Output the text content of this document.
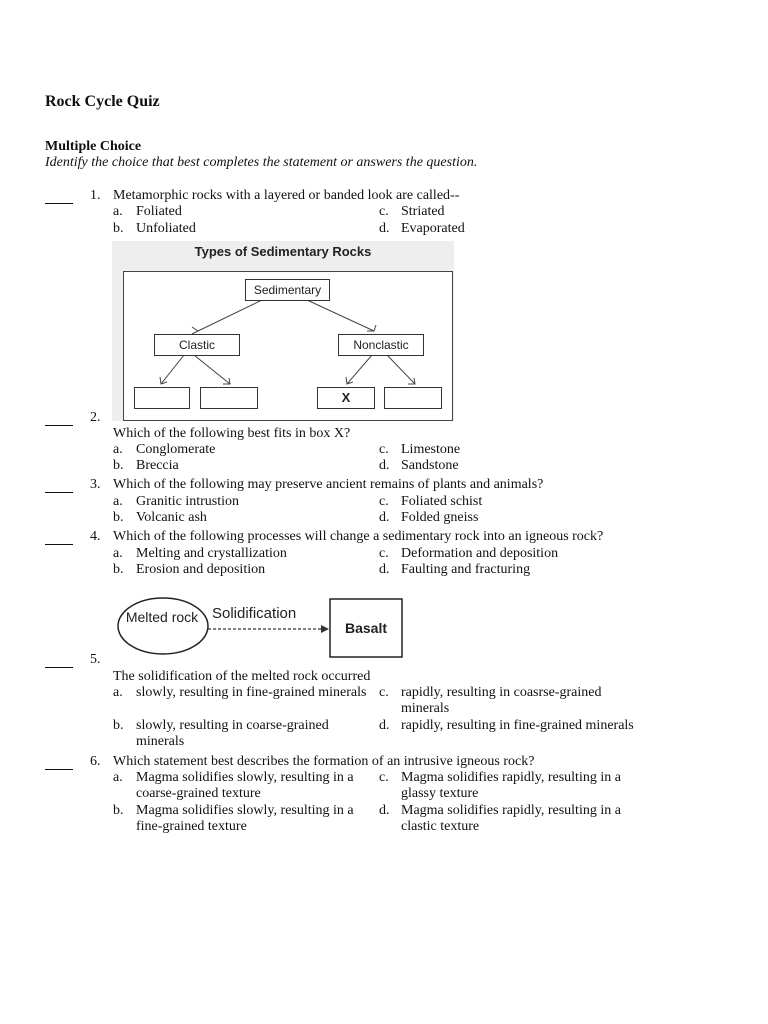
Rock Cycle Quiz
Multiple Choice
Identify the choice that best completes the statement or answers the question.
1. Metamorphic rocks with a layered or banded look are called--
a. Foliated
b. Unfoliated
c. Striated
d. Evaporated
Types of Sedimentary Rocks
Sedimentary
Clastic	Nonclastic
X
2.
Which of the following best fits in box X?
a. Conglomerate
b. Breccia
c. Limestone
d. Sandstone
3. Which of the following may preserve ancient remains of plants and animals?
a. Granitic intrustion
b. Volcanic ash
c. Foliated schist
d. Folded gneiss
4. Which of the following processes will change a sedimentary rock into an igneous rock?
a. Melting and crystallization
b. Erosion and deposition
c. Deformation and deposition
d. Faulting and fracturing
Melted rock Solidification
Basalt
5.
The solidification of the melted rock occurred
a. slowly, resulting in fine-grained minerals
b. slowly, resulting in coarse-grained minerals
c. rapidly, resulting in coasrse-grained minerals
d. rapidly, resulting in fine-grained minerals
6. Which statement best describes the formation of an intrusive igneous rock?
a. Magma solidifies slowly, resulting in a coarse-grained texture
b. Magma solidifies slowly, resulting in a fine-grained texture
c. Magma solidifies rapidly, resulting in a glassy texture
d. Magma solidifies rapidly, resulting in a clastic texture
